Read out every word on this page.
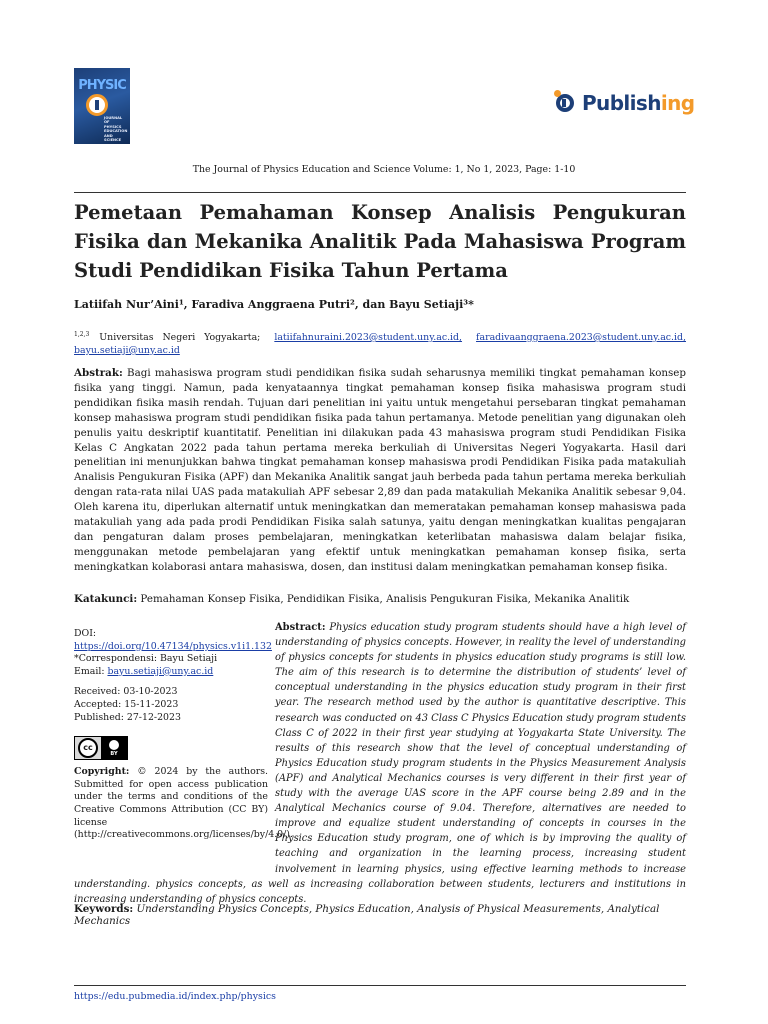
PHYSIC
JOURNAL OF PHYSICS
EDUCATION AND
SCIENCE
Publishing
The Journal of Physics Education and Science Volume: 1, No 1, 2023, Page: 1-10
Pemetaan Pemahaman Konsep Analisis Pengukuran Fisika dan Mekanika Analitik Pada Mahasiswa Program Studi Pendidikan Fisika Tahun Pertama
Latiifah Nur’Aini¹, Faradiva Anggraena Putri², dan Bayu Setiaji³*
$^{1,2,3}$ Universitas Negeri Yogyakarta; latiifahnuraini.2023@student.uny.ac.id, faradivaanggraena.2023@student.uny.ac.id, bayu.setiaji@uny.ac.id
Abstrak: Bagi mahasiswa program studi pendidikan fisika sudah seharusnya memiliki tingkat pemahaman konsep fisika yang tinggi. Namun, pada kenyataannya tingkat pemahaman konsep fisika mahasiswa program studi pendidikan fisika masih rendah. Tujuan dari penelitian ini yaitu untuk mengetahui persebaran tingkat pemahaman konsep mahasiswa program studi pendidikan fisika pada tahun pertamanya. Metode penelitian yang digunakan oleh penulis yaitu deskriptif kuantitatif. Penelitian ini dilakukan pada 43 mahasiswa program studi Pendidikan Fisika Kelas C Angkatan 2022 pada tahun pertama mereka berkuliah di Universitas Negeri Yogyakarta. Hasil dari penelitian ini menunjukkan bahwa tingkat pemahaman konsep mahasiswa prodi Pendidikan Fisika pada matakuliah Analisis Pengukuran Fisika (APF) dan Mekanika Analitik sangat jauh berbeda pada tahun pertama mereka berkuliah dengan rata-rata nilai UAS pada matakuliah APF sebesar 2,89 dan pada matakuliah Mekanika Analitik sebesar 9,04. Oleh karena itu, diperlukan alternatif untuk meningkatkan dan memeratakan pemahaman konsep mahasiswa pada matakuliah yang ada pada prodi Pendidikan Fisika salah satunya, yaitu dengan meningkatkan kualitas pengajaran dan pengaturan dalam proses pembelajaran, meningkatkan keterlibatan mahasiswa dalam belajar fisika, menggunakan metode pembelajaran yang efektif untuk meningkatkan pemahaman konsep fisika, serta meningkatkan kolaborasi antara mahasiswa, dosen, dan institusi dalam meningkatkan pemahaman konsep fisika.
Katakunci: Pemahaman Konsep Fisika, Pendidikan Fisika, Analisis Pengukuran Fisika, Mekanika Analitik
DOI:
https://doi.org/10.47134/physics.v1i1.132
*Correspondensi: Bayu Setiaji
Email: bayu.setiaji@uny.ac.id
Received: 03-10-2023
Accepted: 15-11-2023
Published: 27-12-2023
cc
BY
Copyright: © 2024 by the authors. Submitted for open access publication under the terms and conditions of the Creative Commons Attribution (CC BY) license (http://creativecommons.org/licenses/by/4.0/).
Abstract: Physics education study program students should have a high level of understanding of physics concepts. However, in reality the level of understanding of physics concepts for students in physics education study programs is still low. The aim of this research is to determine the distribution of students’ level of conceptual understanding in the physics education study program in their first year. The research method used by the author is quantitative descriptive. This research was conducted on 43 Class C Physics Education study program students Class C of 2022 in their first year studying at Yogyakarta State University. The results of this research show that the level of conceptual understanding of Physics Education study program students in the Physics Measurement Analysis (APF) and Analytical Mechanics courses is very different in their first year of study with the average UAS score in the APF course being 2.89 and in the Analytical Mechanics course of 9.04. Therefore, alternatives are needed to improve and equalize student understanding of concepts in courses in the Physics Education study program, one of which is by improving the quality of teaching and organization in the learning process, increasing student involvement in learning physics, using effective learning methods to increase understanding. physics concepts, as well as increasing collaboration between students, lecturers and institutions in increasing understanding of physics concepts.
Keywords: Understanding Physics Concepts, Physics Education, Analysis of Physical Measurements, Analytical Mechanics
https://edu.pubmedia.id/index.php/physics
